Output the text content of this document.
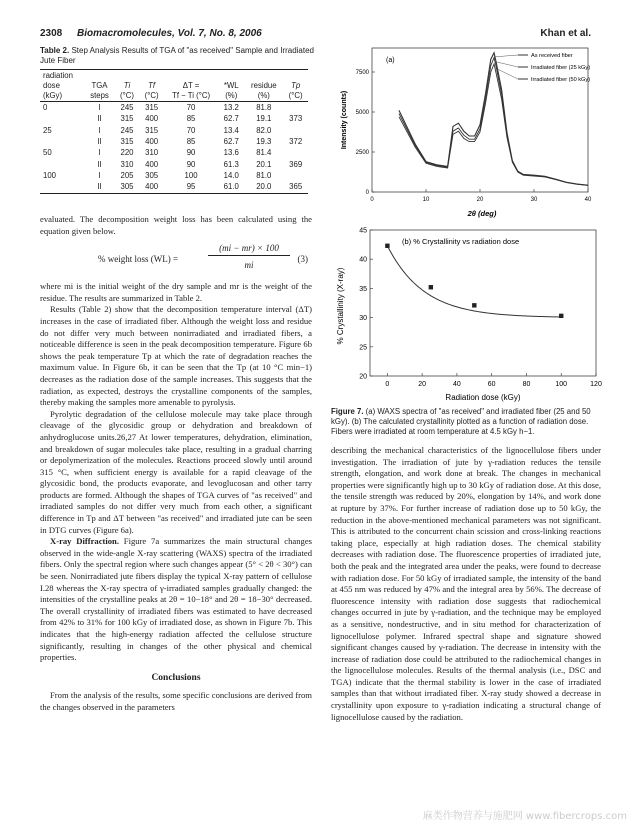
2308 Biomacromolecules, Vol. 7, No. 8, 2006	Khan et al.
Table 2. Step Analysis Results of TGA of "as received" Sample and Irradiated Jute Fiber
radiation							
dose	TGA	Ti	Tf	ΔT =	*WL	residue	Tp
(kGy)	steps	(°C)	(°C)	Tf − Ti (°C)	(%)	(%)	(°C)
0	I	245	315	70	13.2	81.8	
	II	315	400	85	62.7	19.1	373
25	I	245	315	70	13.4	82.0	
	II	315	400	85	62.7	19.3	372
50	I	220	310	90	13.6	81.4	
	II	310	400	90	61.3	20.1	369
100	I	205	305	100	14.0	81.0	
	II	305	400	95	61.0	20.0	365

evaluated. The decomposition weight loss has been calculated using the equation given below.

% weight loss (WL) =
(mi − mr) × 100
mi
(3)

where mi is the initial weight of the dry sample and mr is the weight of the residue. The results are summarized in Table 2.

Results (Table 2) show that the decomposition temperature interval (ΔT) increases in the case of irradiated fiber. Although the weight loss and residue do not differ very much between nonirradiated and irradiated fibers, a noticeable difference is seen in the peak decomposition temperature. Figure 6b shows the peak temperature Tp at which the rate of degradation reaches the maximum value. In Figure 6b, it can be seen that the Tp (at 10 °C min−1) decreases as the radiation dose of the sample increases. This suggests that the radiation, as expected, destroys the crystalline components of the samples, thereby making the samples more amenable to pyrolysis.

Pyrolytic degradation of the cellulose molecule may take place through cleavage of the glycosidic group or dehydration and breakdown of anhydroglucose units.26,27 At lower temperatures, dehydration, elimination, and breakdown of sugar molecules take place, resulting in a gradual charring or depolymerization of the molecules. Reactions proceed slowly until around 315 °C, when sufficient energy is available for a rapid cleavage of the glycosidic bond, the products evaporate, and levoglucosan and other tarry products are formed. Although the shapes of TGA curves of "as received" and irradiated samples do not differ very much from each other, a significant difference in Tp and ΔT between "as received" and irradiated jute can be seen in DTG curves (Figure 6a).

X-ray Diffraction. Figure 7a summarizes the main structural changes observed in the wide-angle X-ray scattering (WAXS) spectra of the irradiated fibers. Only the spectral region where such changes appear (5° < 2θ < 30°) can be seen. Nonirradiated jute fibers display the typical X-ray pattern of cellulose I.28 whereas the X-ray spectra of γ-irradiated samples gradually changed: the intensities of the crystalline peaks at 2θ = 10−18° and 2θ = 18−30° decreased. The overall crystallinity of irradiated fibers was estimated to have decreased from 42% to 31% for 100 kGy of irradiated dose, as shown in Figure 7b. This indicates that the high-energy radiation affected the cellulose structure significantly, resulting in changes of the other physical and chemical properties.

Conclusions

From the analysis of the results, some specific conclusions are derived from the changes observed in the parameters

(a)
0	10	20	30	40
0
2500
5000
7500
As received fiber
Irradiated fiber (25 kGy)
Irradiated fiber (50 kGy)
2θ (deg)
Intensity (counts)
(b) % Crystallinity vs radiation dose
0	20	40	60	80	100	120
20
25
30
35
40
45
Radiation dose (kGy)
% Crystallinity (X-ray)
Figure 7. (a) WAXS spectra of "as received" and irradiated fiber (25 and 50 kGy). (b) The calculated crystallinity plotted as a function of radiation dose. Fibers were irradiated at room temperature at 4.5 kGy h−1.

describing the mechanical characteristics of the lignocellulose fibers under investigation. The irradiation of jute by γ-radiation reduces the tensile strength, elongation, and work done at break. The changes in mechanical properties were significantly high up to 30 kGy of radiation dose. At this dose, the tensile strength was reduced by 20%, elongation by 14%, and work done at rupture by 37%. For further increase of radiation dose up to 50 kGy, the reduction in the above-mentioned mechanical parameters was not significant. This is attributed to the concurrent chain scission and cross-linking reactions taking place, especially at high radiation doses. The chemical stability decreases with radiation dose. The fluorescence properties of irradiated jute, both the peak and the integrated area under the peaks, were found to decrease with radiation dose. For 50 kGy of irradiated sample, the intensity of the band at 455 nm was reduced by 47% and the integral area by 56%. The decrease of fluorescence intensity with radiation dose suggests that radiochemical changes occurred in jute by γ-radiation, and the technique may be employed as a sensitive, nondestructive, and in situ method for characterization of lignocellulose polymer. Infrared spectral shape and signature showed significant changes caused by γ-radiation. The decrease in intensity with the increase of radiation dose could be attributed to the radiochemical changes in the lignocellulose molecules. Results of the thermal analysis (i.e., DSC and TGA) indicate that the thermal stability is lower in the case of irradiated samples than that without irradiated fiber. X-ray study showed a decrease in crystallinity upon exposure to γ-radiation indicating a structural change of lignocellulose caused by the radiation.

麻类作物营养与施肥网 www.fibercrops.com
